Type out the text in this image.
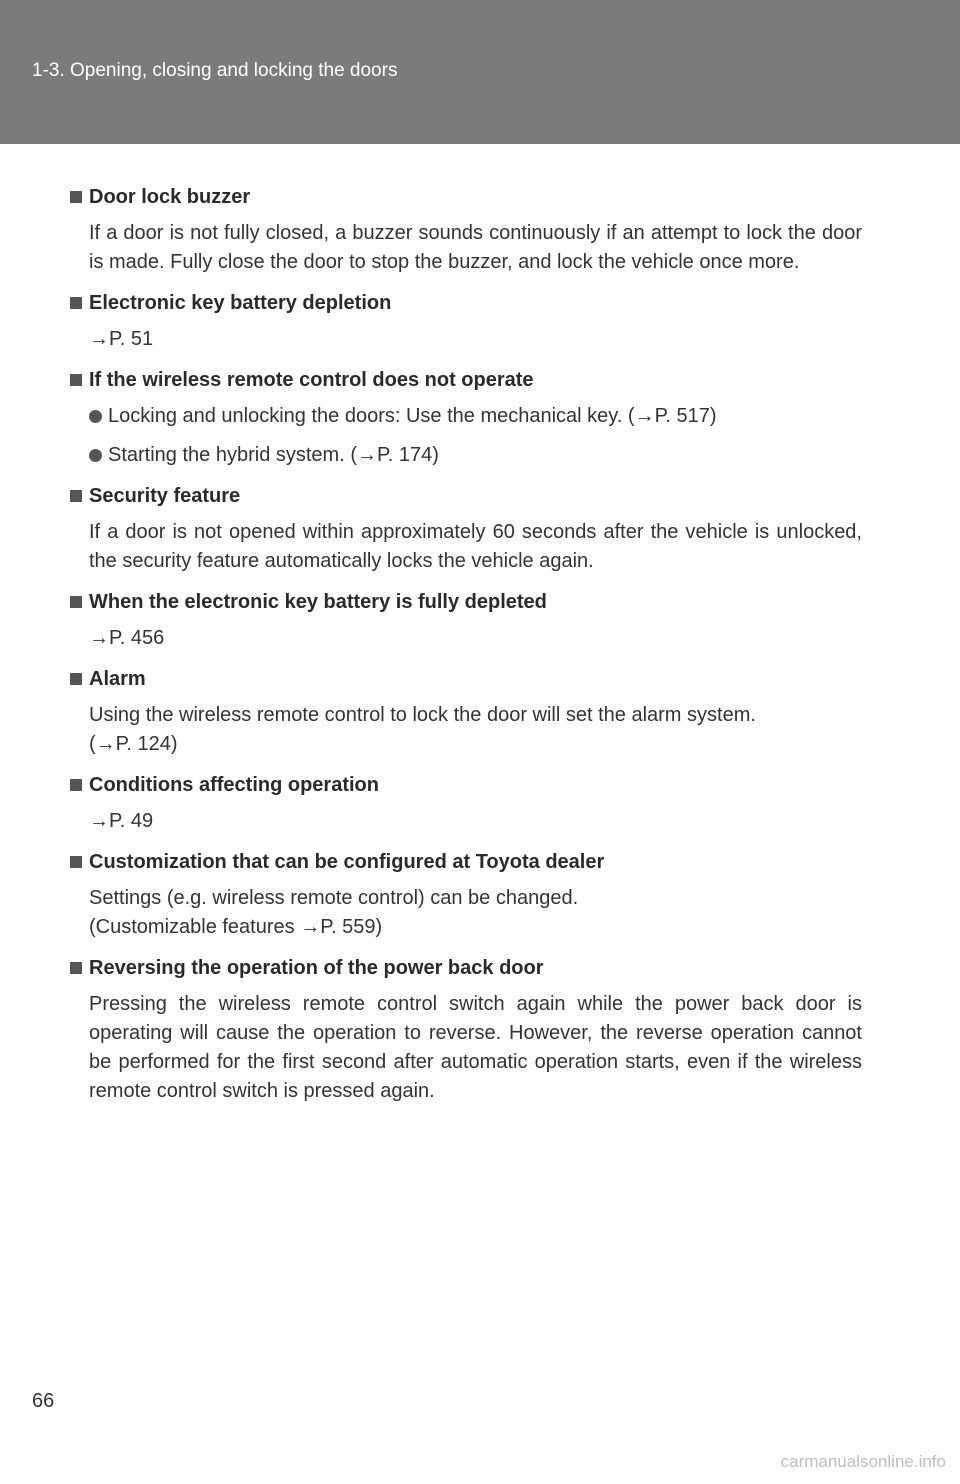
1-3. Opening, closing and locking the doors
Door lock buzzer
If a door is not fully closed, a buzzer sounds continuously if an attempt to lock the door is made. Fully close the door to stop the buzzer, and lock the vehicle once more.
Electronic key battery depletion
→P. 51
If the wireless remote control does not operate
Locking and unlocking the doors: Use the mechanical key. (→P. 517)
Starting the hybrid system. (→P. 174)
Security feature
If a door is not opened within approximately 60 seconds after the vehicle is unlocked, the security feature automatically locks the vehicle again.
When the electronic key battery is fully depleted
→P. 456
Alarm
Using the wireless remote control to lock the door will set the alarm system.
(→P. 124)
Conditions affecting operation
→P. 49
Customization that can be configured at Toyota dealer
Settings (e.g. wireless remote control) can be changed.
(Customizable features →P. 559)
Reversing the operation of the power back door
Pressing the wireless remote control switch again while the power back door is operating will cause the operation to reverse. However, the reverse operation cannot be performed for the first second after automatic operation starts, even if the wireless remote control switch is pressed again.
66
carmanualsonline.info
